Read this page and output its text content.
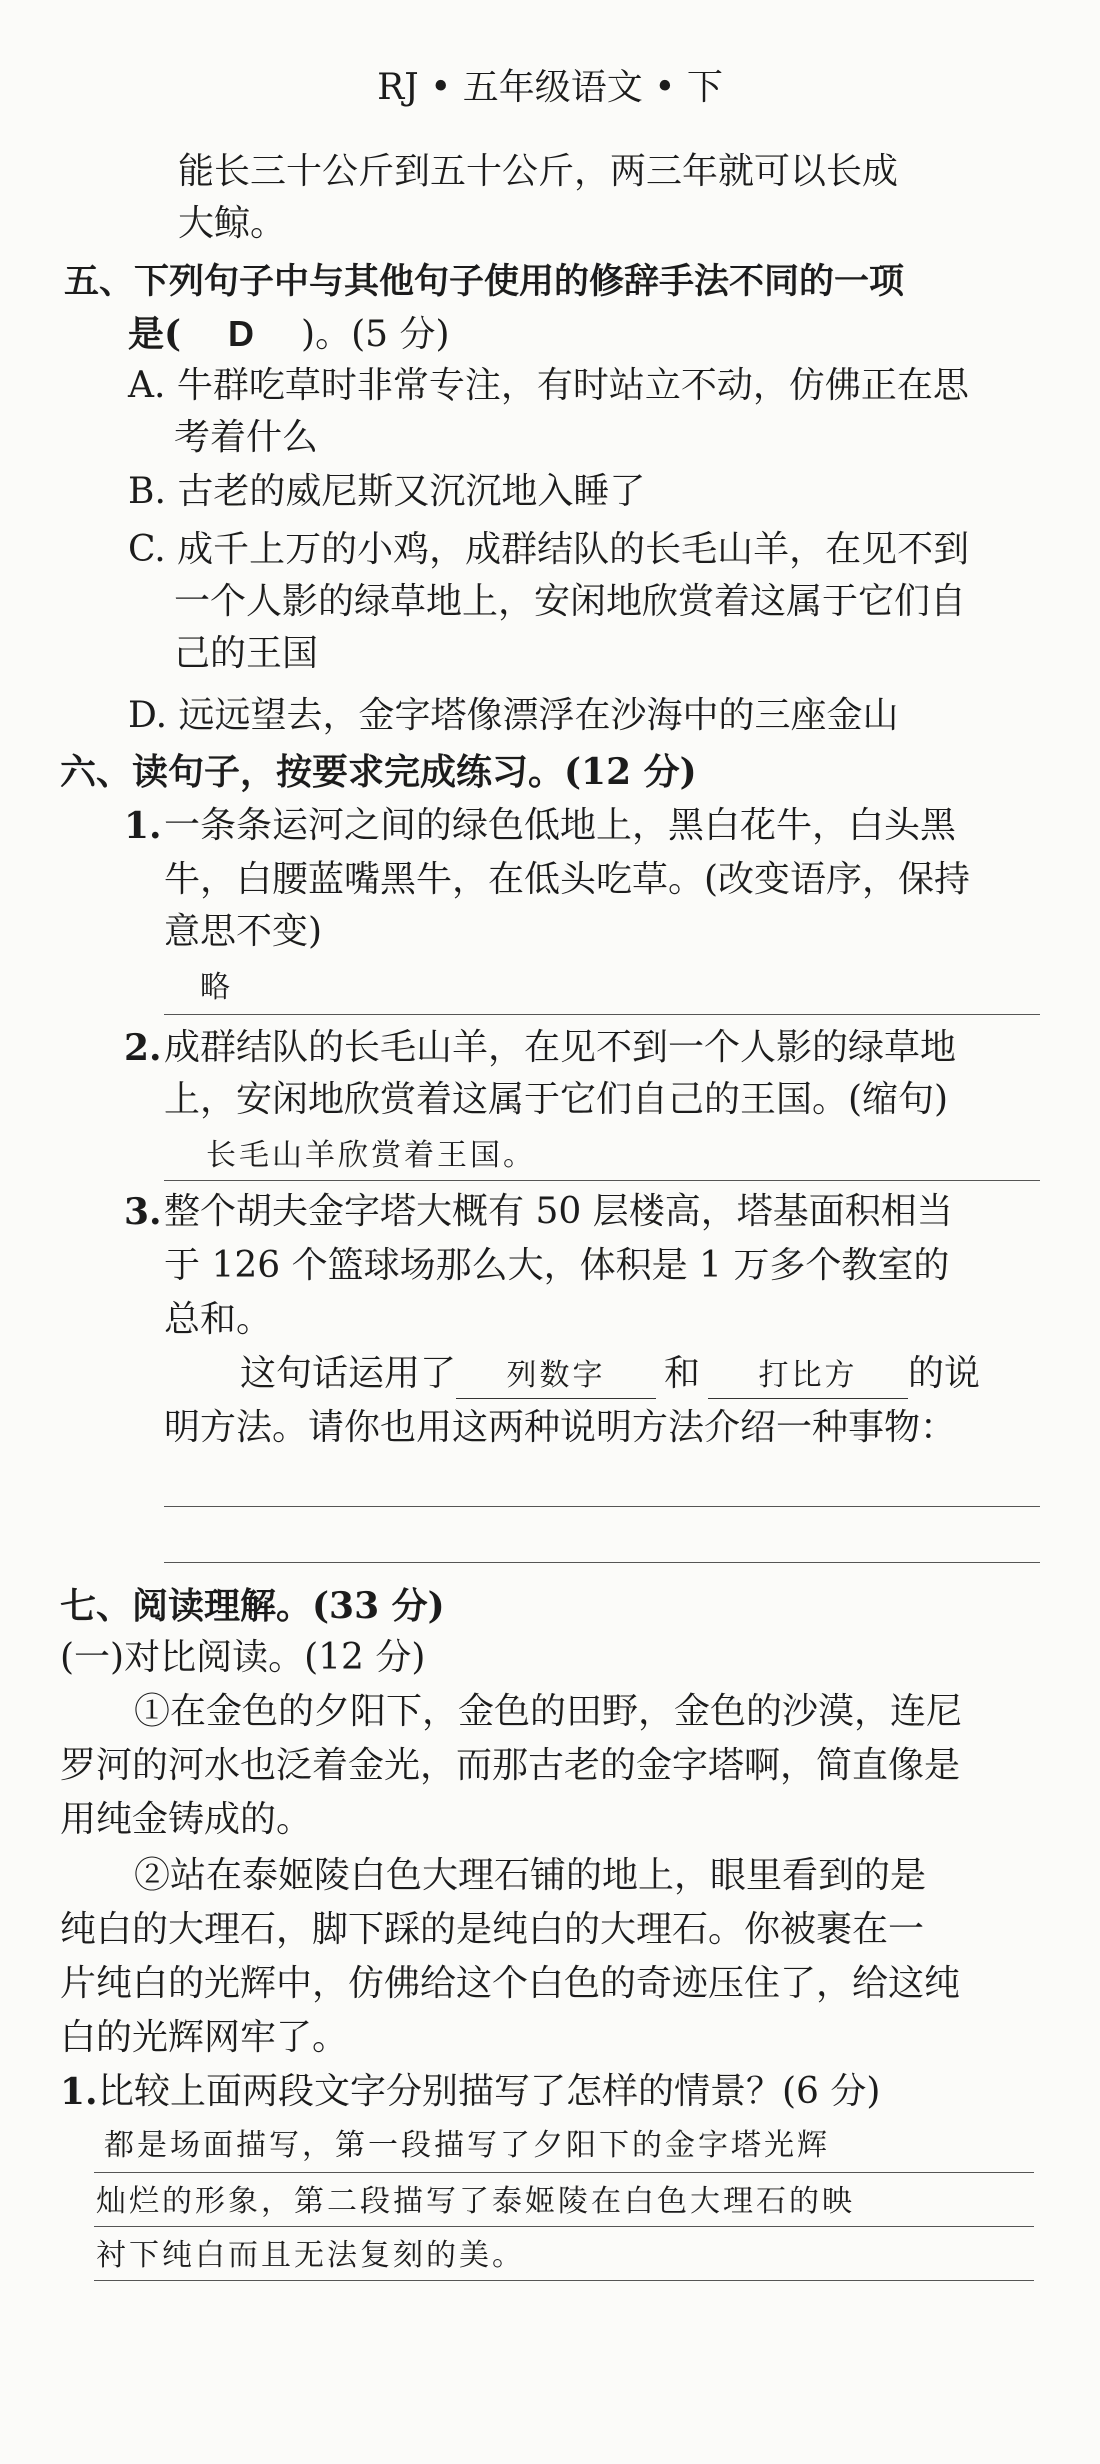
RJ • 五年级语文 • 下
能长三十公斤到五十公斤，两三年就可以长成
大鲸。
五、下列句子中与其他句子使用的修辞手法不同的一项
是( D )。(5 分)
A. 牛群吃草时非常专注，有时站立不动，仿佛正在思
考着什么
B. 古老的威尼斯又沉沉地入睡了
C. 成千上万的小鸡，成群结队的长毛山羊，在见不到
一个人影的绿草地上，安闲地欣赏着这属于它们自
己的王国
D. 远远望去，金字塔像漂浮在沙海中的三座金山
六、读句子，按要求完成练习。(12 分)
1. 一条条运河之间的绿色低地上，黑白花牛，白头黑
牛，白腰蓝嘴黑牛，在低头吃草。(改变语序，保持
意思不变)
略
2. 成群结队的长毛山羊，在见不到一个人影的绿草地
上，安闲地欣赏着这属于它们自己的王国。(缩句)
长毛山羊欣赏着王国。
3. 整个胡夫金字塔大概有 50 层楼高，塔基面积相当
于 126 个篮球场那么大，体积是 1 万多个教室的
总和。
这句话运用了 列数字 和 打比方 的说
明方法。请你也用这两种说明方法介绍一种事物：
七、阅读理解。(33 分)
(一)对比阅读。(12 分)
①在金色的夕阳下，金色的田野，金色的沙漠，连尼
罗河的河水也泛着金光，而那古老的金字塔啊，简直像是
用纯金铸成的。
②站在泰姬陵白色大理石铺的地上，眼里看到的是
纯白的大理石，脚下踩的是纯白的大理石。你被裹在一
片纯白的光辉中，仿佛给这个白色的奇迹压住了，给这纯
白的光辉网牢了。
1. 比较上面两段文字分别描写了怎样的情景？(6 分)
都是场面描写，第一段描写了夕阳下的金字塔光辉
灿烂的形象，第二段描写了泰姬陵在白色大理石的映
衬下纯白而且无法复刻的美。
